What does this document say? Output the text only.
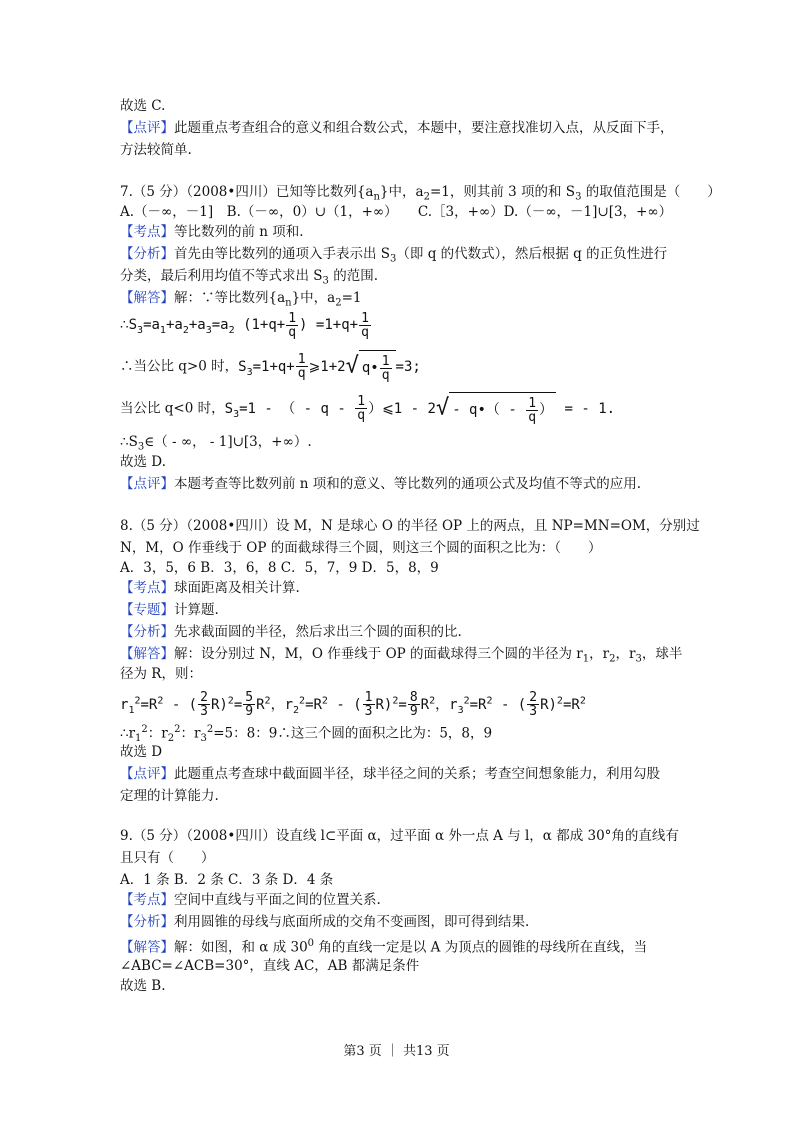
故选 C.
【点评】此题重点考查组合的意义和组合数公式，本题中，要注意找准切入点，从反面下手，
方法较简单.
7.（5 分）（2008•四川）已知等比数列$\{a_n\}$中，$a_2=1$，则其前 3 项的和 $S_3$ 的取值范围是（　　）
A.（－∞，－1]　B.（－∞，0）∪（1，+∞）　　C.［3，+∞）D.（－∞，－1]∪[3，+∞）
【考点】等比数列的前 n 项和.
【分析】首先由等比数列的通项入手表示出 $S_3$（即 q 的代数式），然后根据 q 的正负性进行
分类，最后利用均值不等式求出 $S_3$ 的范围.
【解答】解：∵等比数列$\{a_n\}$中，$a_2=1$
$\therefore S_3=a_1+a_2+a_3=a_2$ ($1+q+ \frac{1}{q}$ ) $=1+q+ \frac{1}{q}$
∴当公比 q>0 时，$S_3=1+q+ \frac{1}{q}$ ⩾1+2√ q• $\frac{1}{q} =3$;
当公比 q<0 时，$S_3=1$ - （ - q - $\frac{1}{q}$ ）⩽1 - 2√- q•（ - $\frac{1}{q}$ ） = - 1.
$\therefore S_3\in$（ - ∞， - 1]∪[3，+∞）.
故选 D.
【点评】本题考查等比数列前 n 项和的意义、等比数列的通项公式及均值不等式的应用.
8.（5 分）（2008•四川）设 M，N 是球心 O 的半径 OP 上的两点，且 NP=MN=OM，分别过
N，M，O 作垂线于 OP 的面截球得三个圆，则这三个圆的面积之比为：（　　）
A．3，5，6 B．3，6，8 C．5，7，9 D．5，8，9
【考点】球面距离及相关计算.
【专题】计算题.
【分析】先求截面圆的半径，然后求出三个圆的面积的比.
【解答】解：设分别过 N，M，O 作垂线于 OP 的面截球得三个圆的半径为 $r_1$，$r_2$，$r_3$，球半
径为 R，则：
$r_1^2=R^2$ - ( $\frac{2}{3} R)^2= \frac{5}{9} R^2$，$r_2^2=R^2$ - ( $\frac{1}{3} R)^2= \frac{8}{9} R^2$，$r_3^2=R^2$ - ( $\frac{2}{3} R)^2=R^2$
$\therefore r_1^2$：$r_2^2$：$r_3^2=5$：8：9∴这三个圆的面积之比为：5，8，9
故选 D
【点评】此题重点考查球中截面圆半径，球半径之间的关系；考查空间想象能力，利用勾股
定理的计算能力.
9.（5 分）（2008•四川）设直线 l⊂平面 α，过平面 α 外一点 A 与 l，α 都成 30°角的直线有
且只有（　　）
A．1 条 B．2 条 C．3 条 D．4 条
【考点】空间中直线与平面之间的位置关系.
【分析】利用圆锥的母线与底面所成的交角不变画图，即可得到结果.
【解答】解：如图，和 α 成 $30^0$ 角的直线一定是以 A 为顶点的圆锥的母线所在直线，当
∠ABC=∠ACB=30°，直线 AC，AB 都满足条件
故选 B.
第3 页 ｜ 共13 页
